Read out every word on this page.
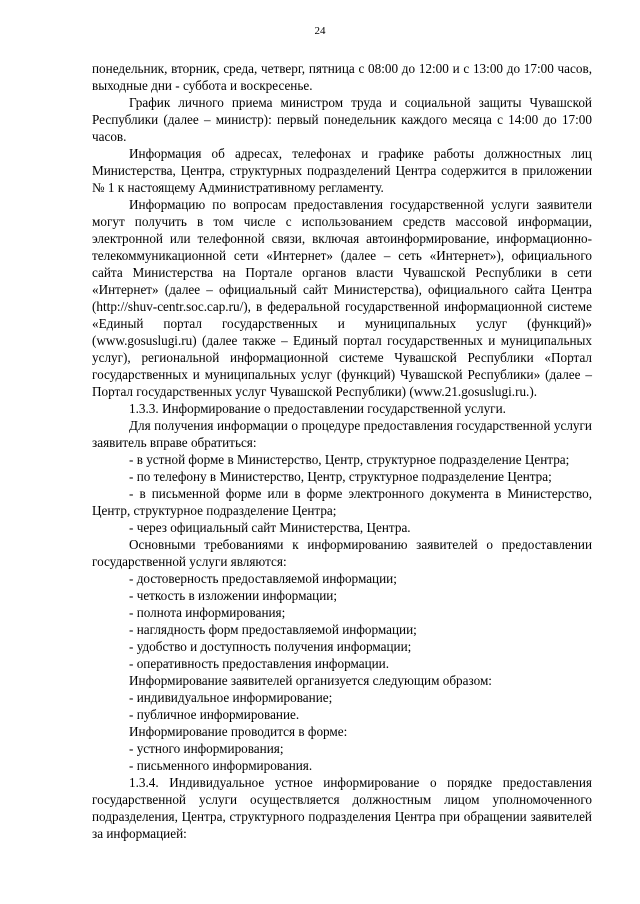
24

понедельник, вторник, среда, четверг, пятница с 08:00 до 12:00 и с 13:00 до 17:00 часов, выходные дни - суббота и воскресенье.

График личного приема министром труда и социальной защиты Чувашской Республики (далее – министр): первый понедельник каждого месяца с 14:00 до 17:00 часов.

Информация об адресах, телефонах и графике работы должностных лиц Министерства, Центра, структурных подразделений Центра содержится в приложении № 1 к настоящему Административному регламенту.

Информацию по вопросам предоставления государственной услуги заявители могут получить в том числе с использованием средств массовой информации, электронной или телефонной связи, включая автоинформирование, информационно-телекоммуникационной сети «Интернет» (далее – сеть «Интернет»), официального сайта Министерства на Портале органов власти Чувашской Республики в сети «Интернет» (далее – официальный сайт Министерства), официального сайта Центра (http://shuv-centr.soc.cap.ru/), в федеральной государственной информационной системе «Единый портал государственных и муниципальных услуг (функций)» (www.gosuslugi.ru) (далее также – Единый портал государственных и муниципальных услуг), региональной информационной системе Чувашской Республики «Портал государственных и муниципальных услуг (функций) Чувашской Республики» (далее – Портал государственных услуг Чувашской Республики) (www.21.gosuslugi.ru.).

1.3.3. Информирование о предоставлении государственной услуги.

Для получения информации о процедуре предоставления государственной услуги заявитель вправе обратиться:

- в устной форме в Министерство, Центр, структурное подразделение Центра;

- по телефону в Министерство, Центр, структурное подразделение Центра;

- в письменной форме или в форме электронного документа в Министерство, Центр, структурное подразделение Центра;

- через официальный сайт Министерства, Центра.

Основными требованиями к информированию заявителей о предоставлении государственной услуги являются:

- достоверность предоставляемой информации;

- четкость в изложении информации;

- полнота информирования;

- наглядность форм предоставляемой информации;

- удобство и доступность получения информации;

- оперативность предоставления информации.

Информирование заявителей организуется следующим образом:

- индивидуальное информирование;

- публичное информирование.

Информирование проводится в форме:

- устного информирования;

- письменного информирования.

1.3.4. Индивидуальное устное информирование о порядке предоставления государственной услуги осуществляется должностным лицом уполномоченного подразделения, Центра, структурного подразделения Центра при обращении заявителей за информацией:
